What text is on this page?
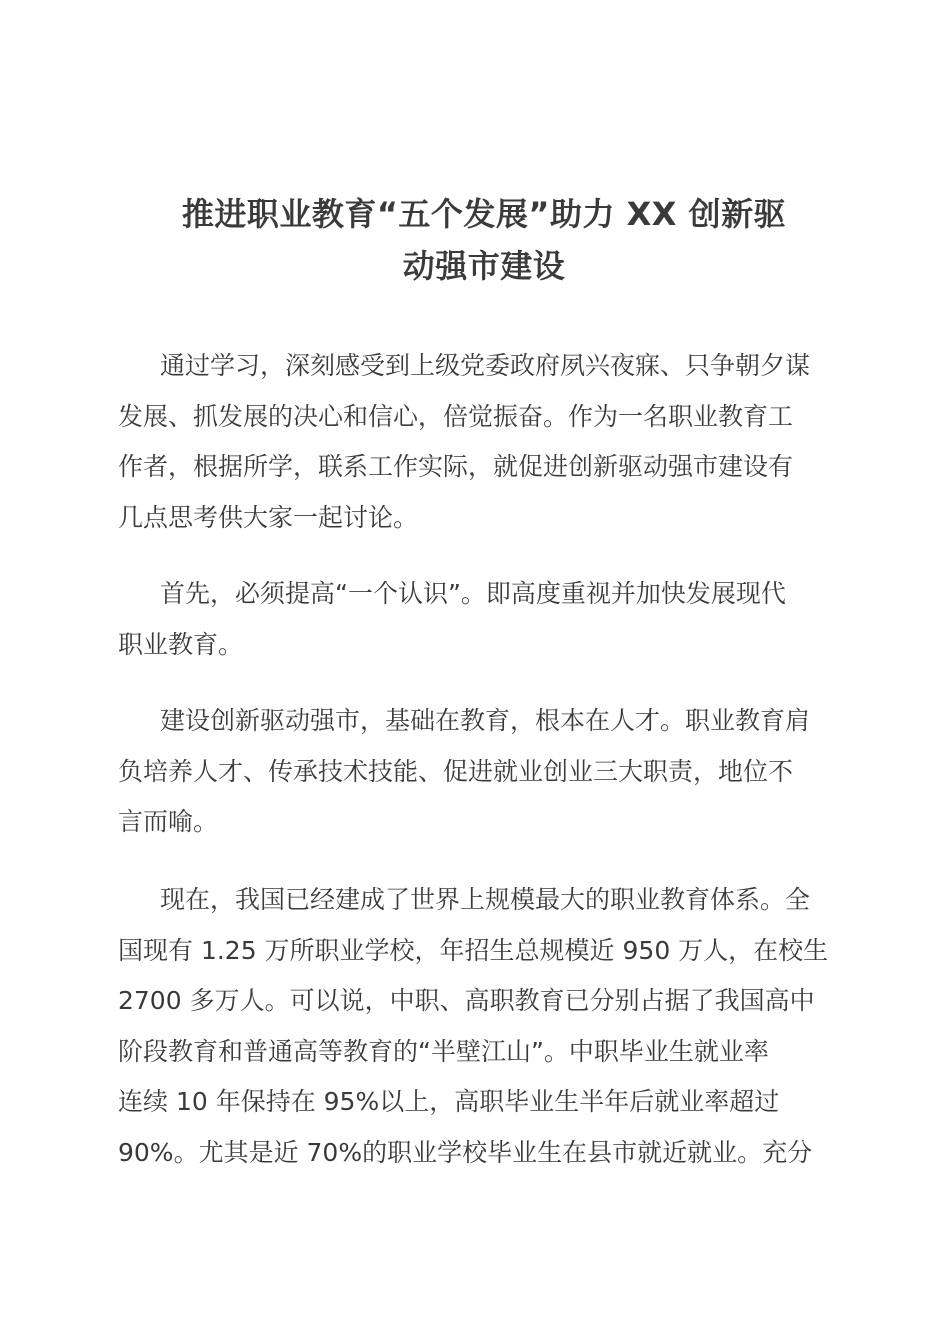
推进职业教育“五个发展”助力 XX 创新驱
动强市建设

通过学习，深刻感受到上级党委政府夙兴夜寐、只争朝夕谋
发展、抓发展的决心和信心，倍觉振奋。作为一名职业教育工
作者，根据所学，联系工作实际，就促进创新驱动强市建设有
几点思考供大家一起讨论。

首先，必须提高“一个认识”。即高度重视并加快发展现代
职业教育。

建设创新驱动强市，基础在教育，根本在人才。职业教育肩
负培养人才、传承技术技能、促进就业创业三大职责，地位不
言而喻。

现在，我国已经建成了世界上规模最大的职业教育体系。全
国现有 1.25 万所职业学校，年招生总规模近 950 万人，在校生
2700 多万人。可以说，中职、高职教育已分别占据了我国高中
阶段教育和普通高等教育的“半壁江山”。中职毕业生就业率
连续 10 年保持在 95%以上，高职毕业生半年后就业率超过
90%。尤其是近 70%的职业学校毕业生在县市就近就业。充分
